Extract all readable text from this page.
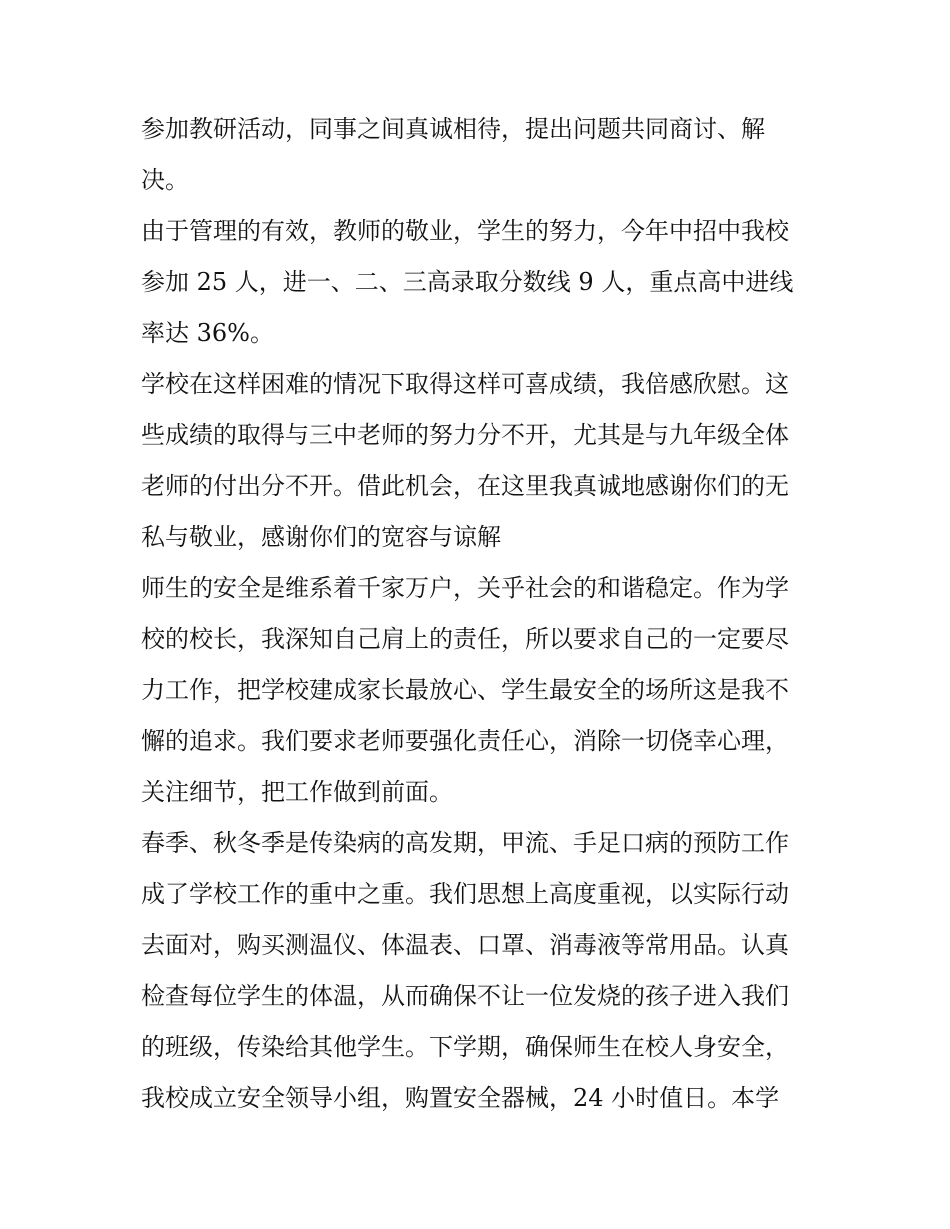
参加教研活动，同事之间真诚相待，提出问题共同商讨、解
决。
由于管理的有效，教师的敬业，学生的努力，今年中招中我校
参加 25 人，进一、二、三高录取分数线 9 人，重点高中进线
率达 36%。
学校在这样困难的情况下取得这样可喜成绩，我倍感欣慰。这
些成绩的取得与三中老师的努力分不开，尤其是与九年级全体
老师的付出分不开。借此机会，在这里我真诚地感谢你们的无
私与敬业，感谢你们的宽容与谅解
师生的安全是维系着千家万户，关乎社会的和谐稳定。作为学
校的校长，我深知自己肩上的责任，所以要求自己的一定要尽
力工作，把学校建成家长最放心、学生最安全的场所这是我不
懈的追求。我们要求老师要强化责任心，消除一切侥幸心理，
关注细节，把工作做到前面。
春季、秋冬季是传染病的高发期，甲流、手足口病的预防工作
成了学校工作的重中之重。我们思想上高度重视，以实际行动
去面对，购买测温仪、体温表、口罩、消毒液等常用品。认真
检查每位学生的体温，从而确保不让一位发烧的孩子进入我们
的班级，传染给其他学生。下学期，确保师生在校人身安全，
我校成立安全领导小组，购置安全器械，24 小时值日。本学
